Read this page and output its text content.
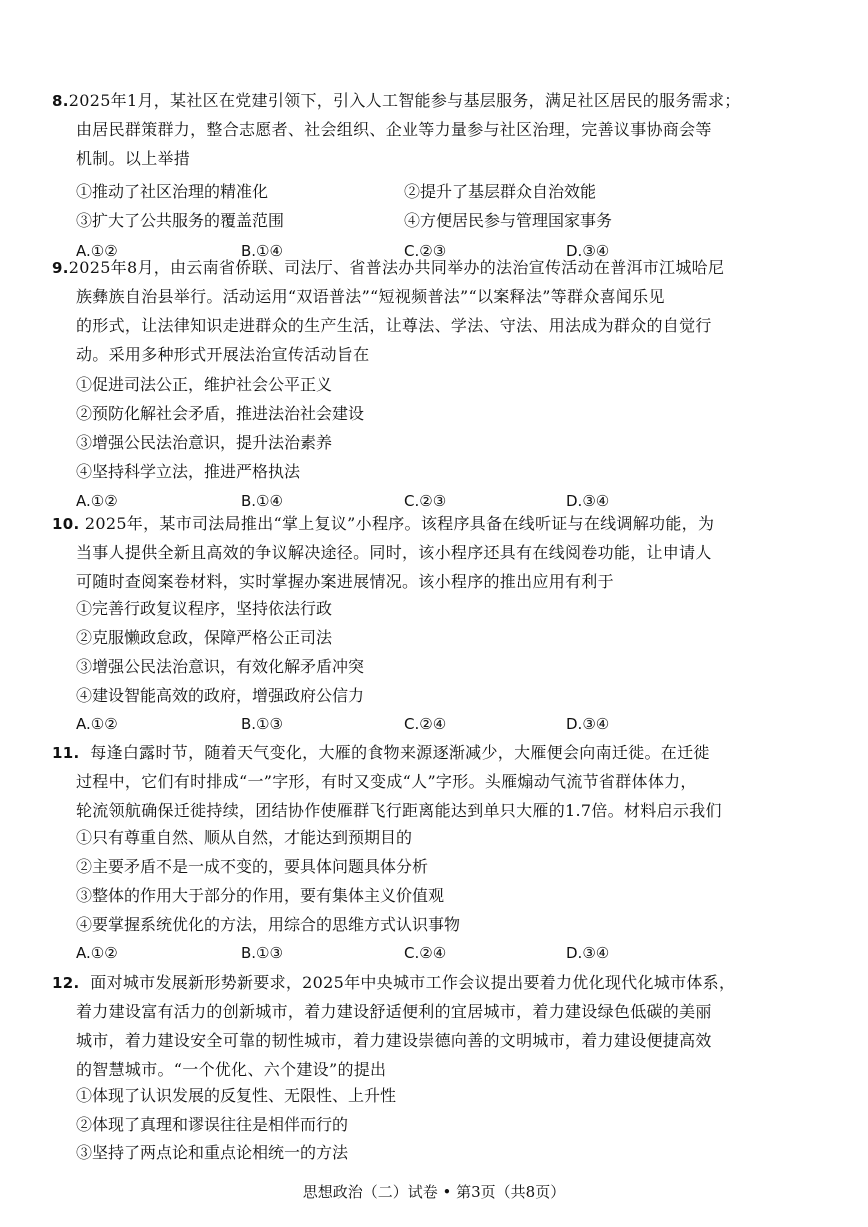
8.2025年1月，某社区在党建引领下，引入人工智能参与基层服务，满足社区居民的服务需求；
由居民群策群力，整合志愿者、社会组织、企业等力量参与社区治理，完善议事协商会等
机制。以上举措
①推动了社区治理的精准化	②提升了基层群众自治效能
③扩大了公共服务的覆盖范围	④方便居民参与管理国家事务
A.①②	B.①④	C.②③	D.③④
9.2025年8月，由云南省侨联、司法厅、省普法办共同举办的法治宣传活动在普洱市江城哈尼
族彝族自治县举行。活动运用“双语普法”“短视频普法”“以案释法”等群众喜闻乐见
的形式，让法律知识走进群众的生产生活，让尊法、学法、守法、用法成为群众的自觉行
动。采用多种形式开展法治宣传活动旨在
①促进司法公正，维护社会公平正义
②预防化解社会矛盾，推进法治社会建设
③增强公民法治意识，提升法治素养
④坚持科学立法，推进严格执法
A.①②	B.①④	C.②③	D.③④
10. 2025年，某市司法局推出“掌上复议”小程序。该程序具备在线听证与在线调解功能，为
当事人提供全新且高效的争议解决途径。同时，该小程序还具有在线阅卷功能，让申请人
可随时查阅案卷材料，实时掌握办案进展情况。该小程序的推出应用有利于
①完善行政复议程序，坚持依法行政
②克服懒政怠政，保障严格公正司法
③增强公民法治意识，有效化解矛盾冲突
④建设智能高效的政府，增强政府公信力
A.①②	B.①③	C.②④	D.③④
11. 每逢白露时节，随着天气变化，大雁的食物来源逐渐减少，大雁便会向南迁徙。在迁徙
过程中，它们有时排成“一”字形，有时又变成“人”字形。头雁煽动气流节省群体体力，
轮流领航确保迁徙持续，团结协作使雁群飞行距离能达到单只大雁的1.7倍。材料启示我们
①只有尊重自然、顺从自然，才能达到预期目的
②主要矛盾不是一成不变的，要具体问题具体分析
③整体的作用大于部分的作用，要有集体主义价值观
④要掌握系统优化的方法，用综合的思维方式认识事物
A.①②	B.①③	C.②④	D.③④
12. 面对城市发展新形势新要求，2025年中央城市工作会议提出要着力优化现代化城市体系，
着力建设富有活力的创新城市，着力建设舒适便利的宜居城市，着力建设绿色低碳的美丽
城市，着力建设安全可靠的韧性城市，着力建设崇德向善的文明城市，着力建设便捷高效
的智慧城市。“一个优化、六个建设”的提出
①体现了认识发展的反复性、无限性、上升性
②体现了真理和谬误往往是相伴而行的
③坚持了两点论和重点论相统一的方法
思想政治（二）试卷 • 第3页（共8页）
